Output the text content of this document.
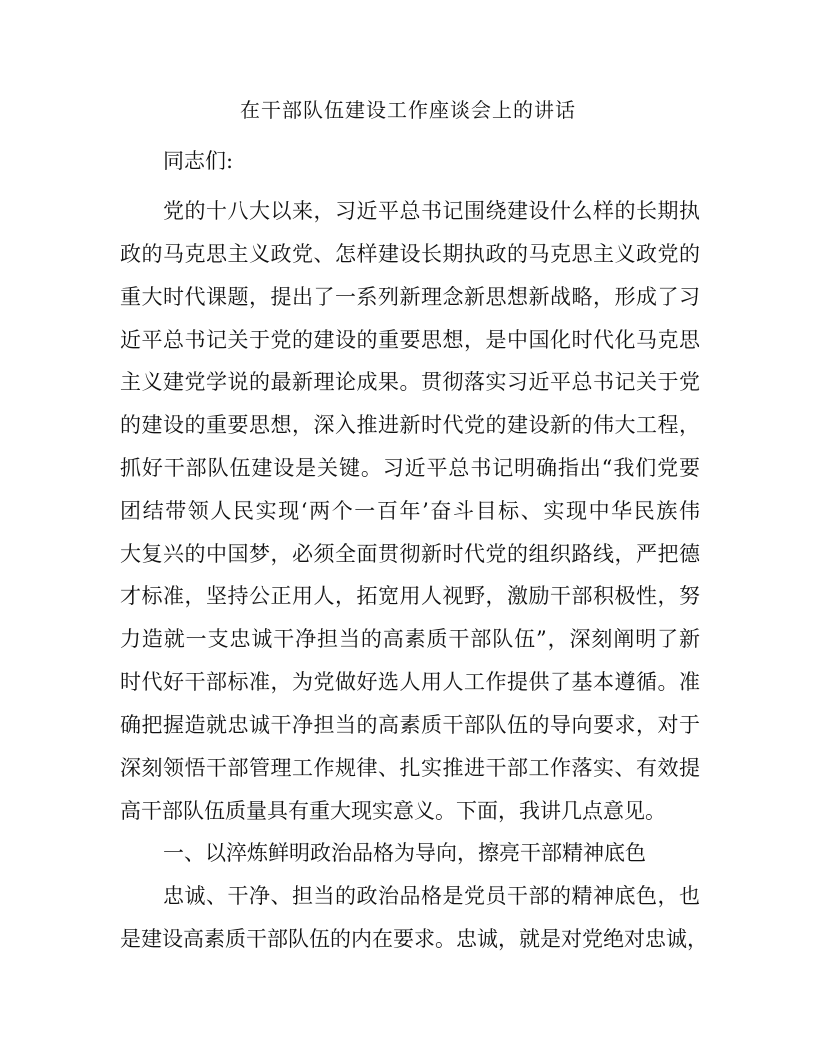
在干部队伍建设工作座谈会上的讲话
同志们:
党的十八大以来，习近平总书记围绕建设什么样的长期执
政的马克思主义政党、怎样建设长期执政的马克思主义政党的
重大时代课题，提出了一系列新理念新思想新战略，形成了习
近平总书记关于党的建设的重要思想，是中国化时代化马克思
主义建党学说的最新理论成果。贯彻落实习近平总书记关于党
的建设的重要思想，深入推进新时代党的建设新的伟大工程，
抓好干部队伍建设是关键。习近平总书记明确指出“我们党要
团结带领人民实现‘两个一百年’奋斗目标、实现中华民族伟
大复兴的中国梦，必须全面贯彻新时代党的组织路线，严把德
才标准，坚持公正用人，拓宽用人视野，激励干部积极性，努
力造就一支忠诚干净担当的高素质干部队伍”，深刻阐明了新
时代好干部标准，为党做好选人用人工作提供了基本遵循。准
确把握造就忠诚干净担当的高素质干部队伍的导向要求，对于
深刻领悟干部管理工作规律、扎实推进干部工作落实、有效提
高干部队伍质量具有重大现实意义。下面，我讲几点意见。
一、以淬炼鲜明政治品格为导向，擦亮干部精神底色
忠诚、干净、担当的政治品格是党员干部的精神底色，也
是建设高素质干部队伍的内在要求。忠诚，就是对党绝对忠诚，
